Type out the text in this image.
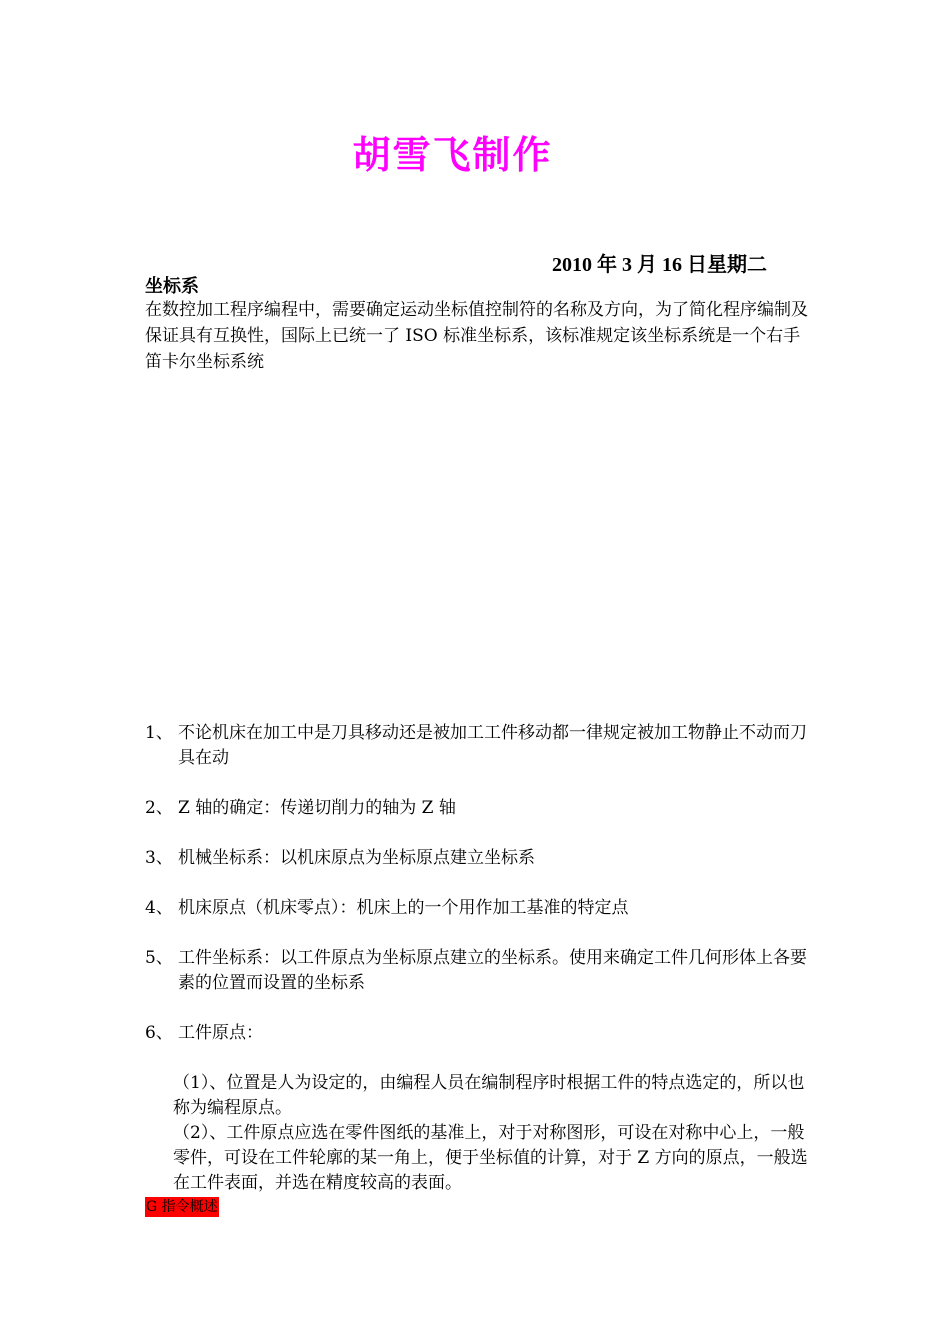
胡雪飞制作
2010 年 3 月 16 日星期二
坐标系

在数控加工程序编程中，需要确定运动坐标值控制符的名称及方向，为了简化程序编制及保证具有互换性，国际上已统一了 ISO 标准坐标系，该标准规定该坐标系统是一个右手笛卡尔坐标系统

1、 不论机床在加工中是刀具移动还是被加工工件移动都一律规定被加工物静止不动而刀具在动
2、 Z 轴的确定：传递切削力的轴为 Z 轴
3、 机械坐标系：以机床原点为坐标原点建立坐标系
4、 机床原点（机床零点）：机床上的一个用作加工基准的特定点
5、 工件坐标系：以工件原点为坐标原点建立的坐标系。使用来确定工件几何形体上各要素的位置而设置的坐标系
6、 工件原点：
（1）、位置是人为设定的，由编程人员在编制程序时根据工件的特点选定的，所以也称为编程原点。
（2）、工件原点应选在零件图纸的基准上，对于对称图形，可设在对称中心上，一般零件，可设在工件轮廓的某一角上，便于坐标值的计算，对于 Z 方向的原点，一般选在工件表面，并选在精度较高的表面。
G 指令概述
